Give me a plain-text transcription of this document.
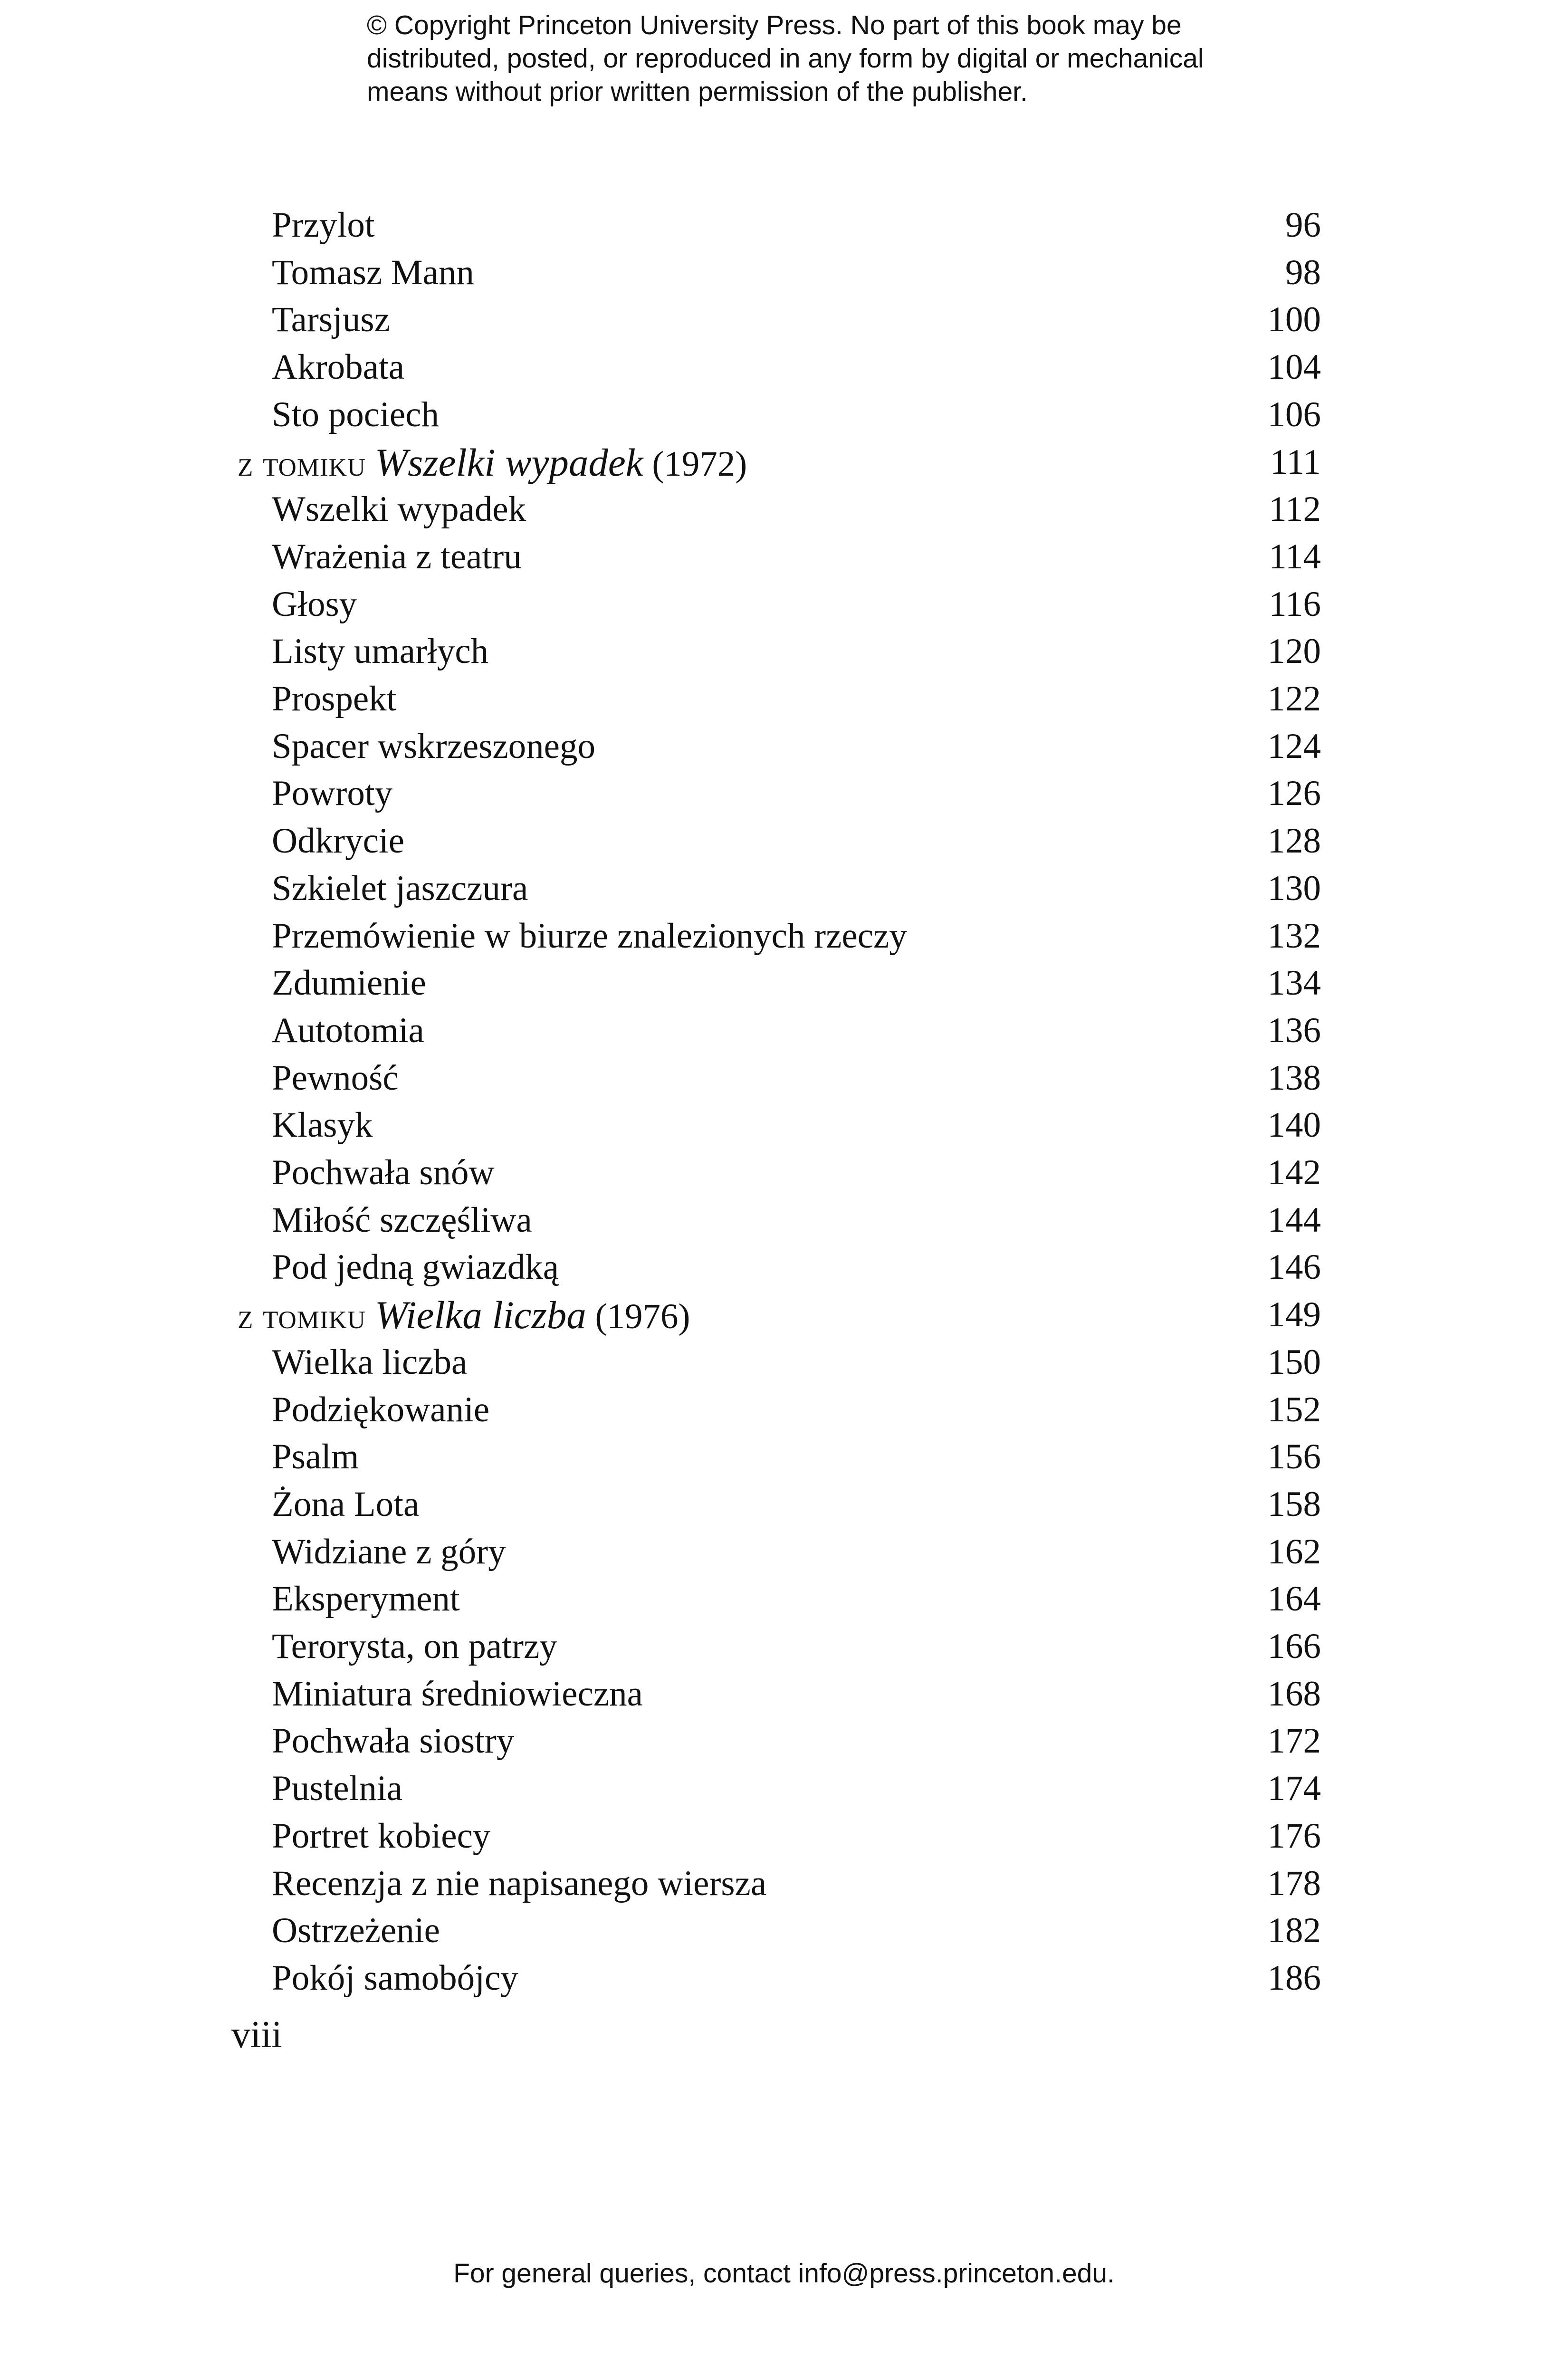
© Copyright Princeton University Press. No part of this book may be
distributed, posted, or reproduced in any form by digital or mechanical
means without prior written permission of the publisher.
Przylot	96
Tomasz Mann	98
Tarsjusz	100
Akrobata	104
Sto pociech	106
z tomiku Wszelki wypadek (1972)	111
Wszelki wypadek	112
Wrażenia z teatru	114
Głosy	116
Listy umarłych	120
Prospekt	122
Spacer wskrzeszonego	124
Powroty	126
Odkrycie	128
Szkielet jaszczura	130
Przemówienie w biurze znalezionych rzeczy	132
Zdumienie	134
Autotomia	136
Pewność	138
Klasyk	140
Pochwała snów	142
Miłość szczęśliwa	144
Pod jedną gwiazdką	146
z tomiku Wielka liczba (1976)	149
Wielka liczba	150
Podziękowanie	152
Psalm	156
Żona Lota	158
Widziane z góry	162
Eksperyment	164
Terorysta, on patrzy	166
Miniatura średniowieczna	168
Pochwała siostry	172
Pustelnia	174
Portret kobiecy	176
Recenzja z nie napisanego wiersza	178
Ostrzeżenie	182
Pokój samobójcy	186

viii

For general queries, contact info@press.princeton.edu.
